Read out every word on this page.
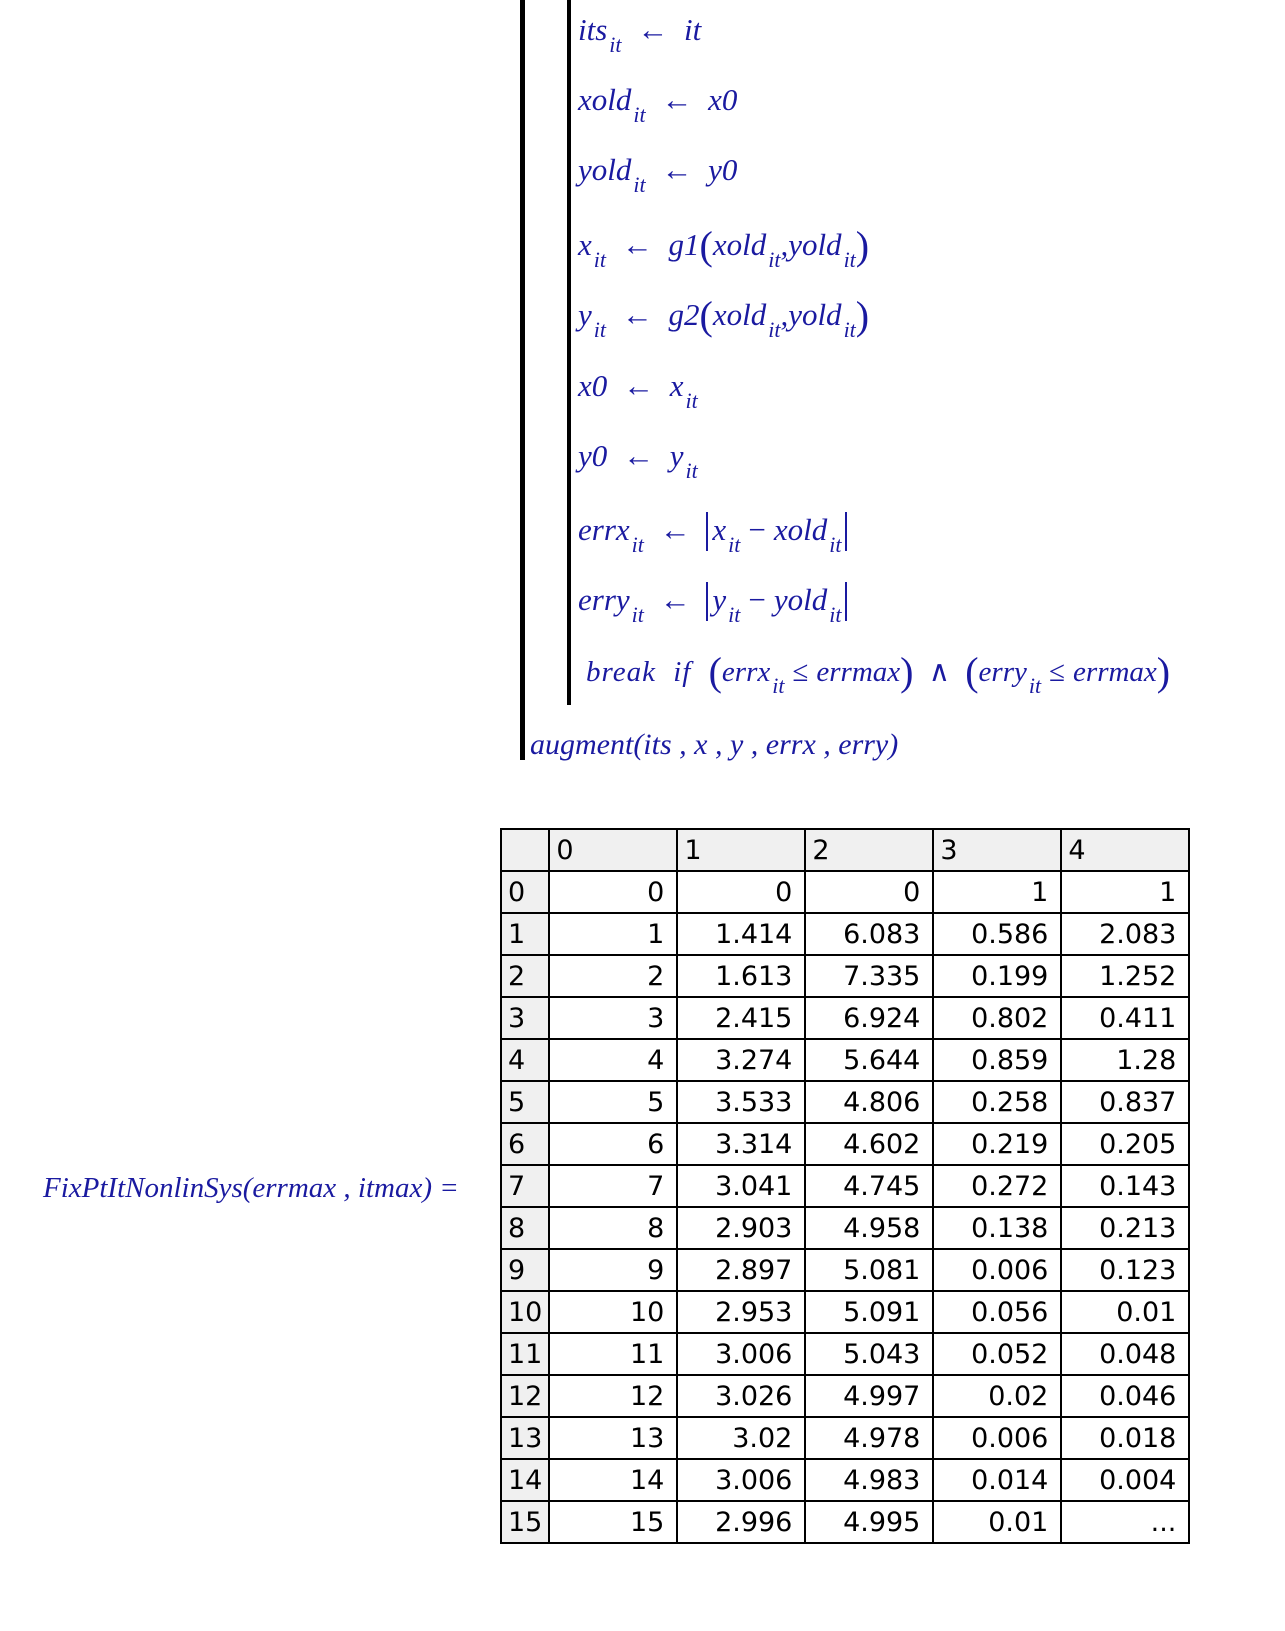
its$_{it}$ ← it
xold$_{it}$ ← x0
yold$_{it}$ ← y0
$x_{it}$ ← g1(xold$_{it}$,yold$_{it}$)
$y_{it}$ ← g2(xold$_{it}$,yold$_{it}$)
x0 ← $x_{it}$
y0 ← $y_{it}$
errx$_{it}$ ← $x_{it}$ − xold$_{it}$
erry$_{it}$ ← $y_{it}$ − yold$_{it}$
break if (errx$_{it}$ ≤ errmax) ∧ (erry$_{it}$ ≤ errmax)
augment(its , x , y , errx , erry)
FixPtItNonlinSys(errmax , itmax) =
	0	1	2	3	4
0	0	0	0	1	1
1	1	1.414	6.083	0.586	2.083
2	2	1.613	7.335	0.199	1.252
3	3	2.415	6.924	0.802	0.411
4	4	3.274	5.644	0.859	1.28
5	5	3.533	4.806	0.258	0.837
6	6	3.314	4.602	0.219	0.205
7	7	3.041	4.745	0.272	0.143
8	8	2.903	4.958	0.138	0.213
9	9	2.897	5.081	0.006	0.123
10	10	2.953	5.091	0.056	0.01
11	11	3.006	5.043	0.052	0.048
12	12	3.026	4.997	0.02	0.046
13	13	3.02	4.978	0.006	0.018
14	14	3.006	4.983	0.014	0.004
15	15	2.996	4.995	0.01	...
